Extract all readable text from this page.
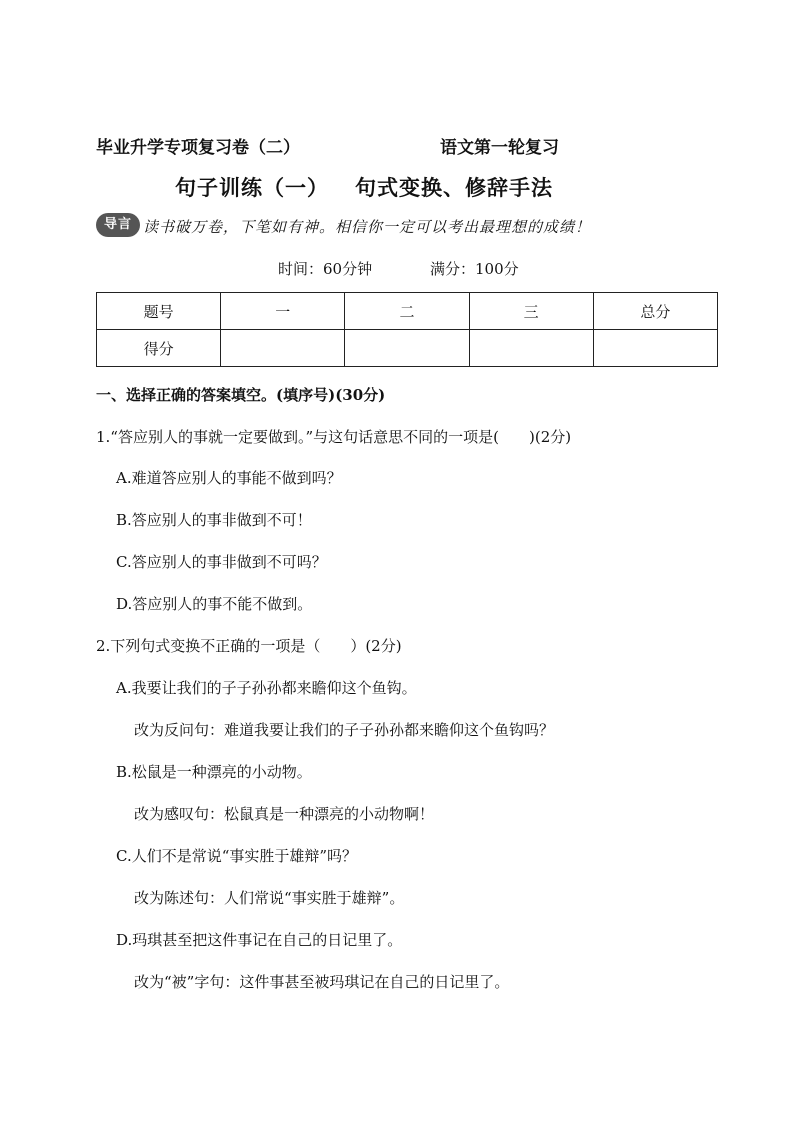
毕业升学专项复习卷（二）	语文第一轮复习
句子训练（一） 句式变换、修辞手法
导言 读书破万卷，下笔如有神。相信你一定可以考出最理想的成绩！
时间：60分钟	满分：100分
题号	一	二	三	总分
得分				
一、选择正确的答案填空。(填序号)(30分)
1.“答应别人的事就一定要做到。”与这句话意思不同的一项是(　　)(2分)
A.难道答应别人的事能不做到吗？
B.答应别人的事非做到不可！
C.答应别人的事非做到不可吗？
D.答应别人的事不能不做到。
2.下列句式变换不正确的一项是（　　）(2分)
A.我要让我们的子子孙孙都来瞻仰这个鱼钩。
改为反问句：难道我要让我们的子子孙孙都来瞻仰这个鱼钩吗？
B.松鼠是一种漂亮的小动物。
改为感叹句：松鼠真是一种漂亮的小动物啊！
C.人们不是常说“事实胜于雄辩”吗？
改为陈述句：人们常说“事实胜于雄辩”。
D.玛琪甚至把这件事记在自己的日记里了。
改为“被”字句：这件事甚至被玛琪记在自己的日记里了。
